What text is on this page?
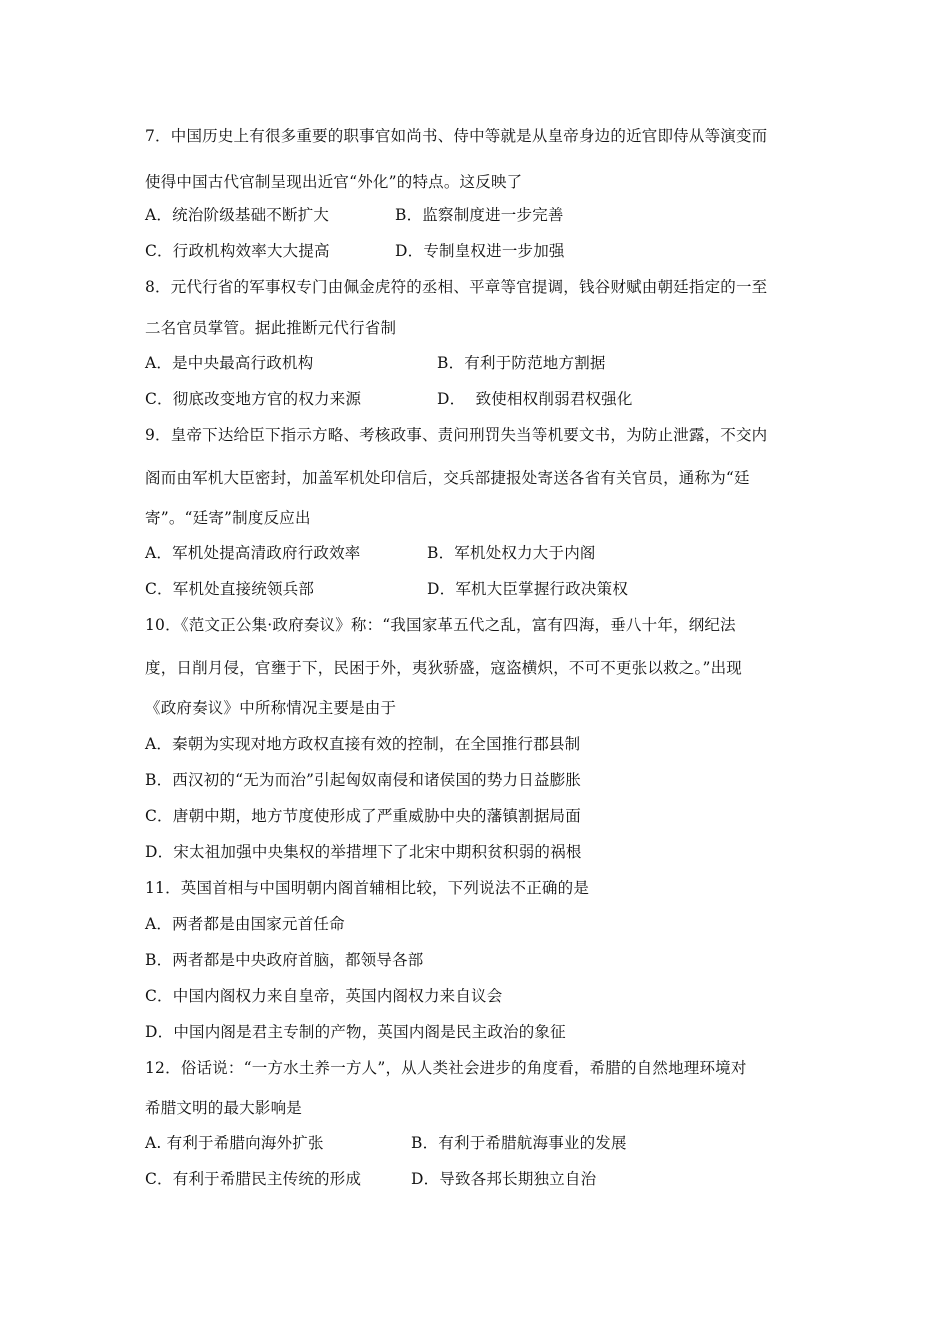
7．中国历史上有很多重要的职事官如尚书、侍中等就是从皇帝身边的近官即侍从等演变而
使得中国古代官制呈现出近官“外化”的特点。这反映了
A．统治阶级基础不断扩大	B．监察制度进一步完善
C．行政机构效率大大提高	D．专制皇权进一步加强
8．元代行省的军事权专门由佩金虎符的丞相、平章等官提调，钱谷财赋由朝廷指定的一至
二名官员掌管。据此推断元代行省制
A．是中央最高行政机构	B．有利于防范地方割据
C．彻底改变地方官的权力来源	D．  致使相权削弱君权强化
9．皇帝下达给臣下指示方略、考核政事、责问刑罚失当等机要文书，为防止泄露，不交内
阁而由军机大臣密封，加盖军机处印信后，交兵部捷报处寄送各省有关官员，通称为“廷
寄”。“廷寄”制度反应出
A．军机处提高清政府行政效率	B．军机处权力大于内阁
C．军机处直接统领兵部	D．军机大臣掌握行政决策权
10．《范文正公集·政府奏议》称：“我国家革五代之乱，富有四海，垂八十年，纲纪法
度，日削月侵，官壅于下，民困于外，夷狄骄盛，寇盗横炽，不可不更张以救之。”出现
《政府奏议》中所称情况主要是由于
A．秦朝为实现对地方政权直接有效的控制，在全国推行郡县制
B．西汉初的“无为而治”引起匈奴南侵和诸侯国的势力日益膨胀
C．唐朝中期，地方节度使形成了严重威胁中央的藩镇割据局面
D．宋太祖加强中央集权的举措埋下了北宋中期积贫积弱的祸根
11．英国首相与中国明朝内阁首辅相比较，下列说法不正确的是
A．两者都是由国家元首任命
B．两者都是中央政府首脑，都领导各部
C．中国内阁权力来自皇帝，英国内阁权力来自议会
D．中国内阁是君主专制的产物，英国内阁是民主政治的象征
12．俗话说：“一方水土养一方人”，从人类社会进步的角度看，希腊的自然地理环境对
希腊文明的最大影响是
A. 有利于希腊向海外扩张	B．有利于希腊航海事业的发展
C．有利于希腊民主传统的形成	D．导致各邦长期独立自治
